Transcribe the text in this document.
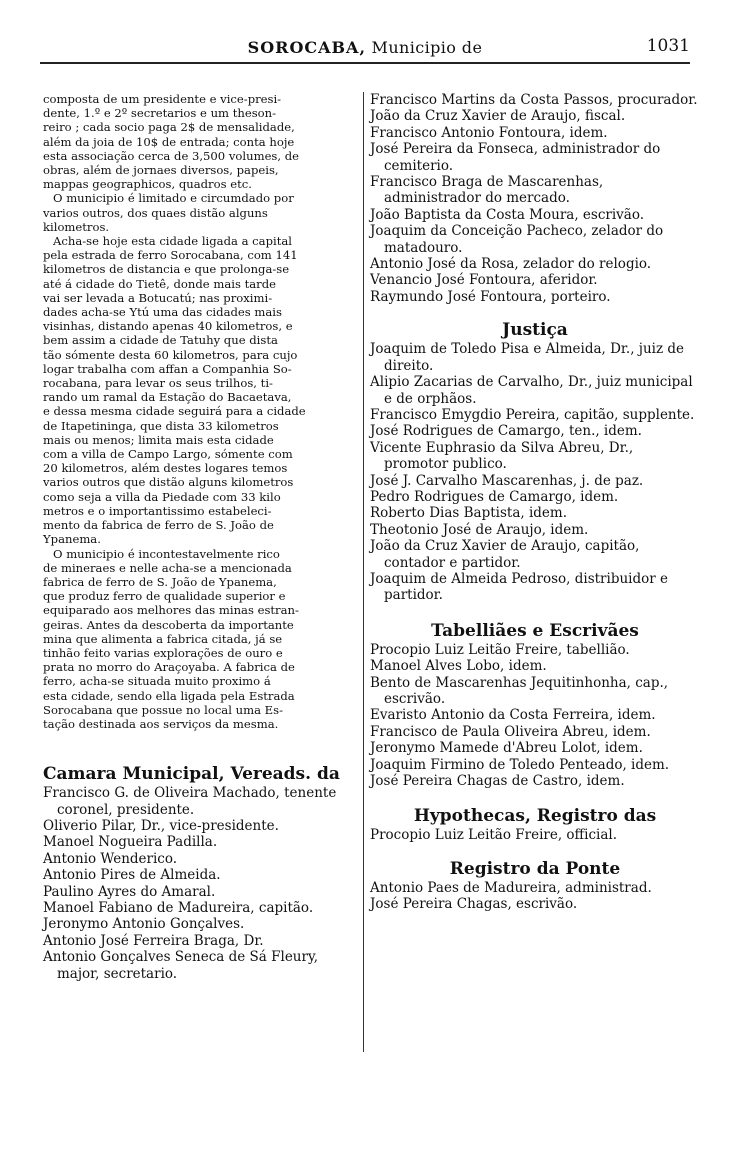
SOROCABA, Municipio de	1031

composta de um presidente e vice-presi-
dente, 1.º e 2º secretarios e um theson-
reiro ; cada socio paga 2$ de mensalidade,
além da joia de 10$ de entrada; conta hoje
esta associação cerca de 3,500 volumes, de
obras, além de jornaes diversos, papeis,
mappas geographicos, quadros etc.

O municipio é limitado e circumdado por
varios outros, dos quaes distão alguns
kilometros.

Acha-se hoje esta cidade ligada a capital
pela estrada de ferro Sorocabana, com 141
kilometros de distancia e que prolonga-se
até á cidade do Tietê, donde mais tarde
vai ser levada a Botucatú; nas proximi-
dades acha-se Ytú uma das cidades mais
visinhas, distando apenas 40 kilometros, e
bem assim a cidade de Tatuhy que dista
tão sómente desta 60 kilometros, para cujo
logar trabalha com affan a Companhia So-
rocabana, para levar os seus trilhos, ti-
rando um ramal da Estação do Bacaetava,
e dessa mesma cidade seguirá para a cidade
de Itapetininga, que dista 33 kilometros
mais ou menos; limita mais esta cidade
com a villa de Campo Largo, sómente com
20 kilometros, além destes logares temos
varios outros que distão alguns kilometros
como seja a villa da Piedade com 33 kilo
metros e o importantissimo estabeleci-
mento da fabrica de ferro de S. João de
Ypanema.

O municipio é incontestavelmente rico
de mineraes e nelle acha-se a mencionada
fabrica de ferro de S. João de Ypanema,
que produz ferro de qualidade superior e
equiparado aos melhores das minas estran-
geiras. Antes da descoberta da importante
mina que alimenta a fabrica citada, já se
tinhão feito varias explorações de ouro e
prata no morro do Araçoyaba. A fabrica de
ferro, acha-se situada muito proximo á
esta cidade, sendo ella ligada pela Estrada
Sorocabana que possue no local uma Es-
tação destinada aos serviços da mesma.

Camara Municipal, Vereads. da

Francisco G. de Oliveira Machado, tenente coronel, presidente.

Oliverio Pilar, Dr., vice-presidente.

Manoel Nogueira Padilla.

Antonio Wenderico.

Antonio Pires de Almeida.

Paulino Ayres do Amaral.

Manoel Fabiano de Madureira, capitão.

Jeronymo Antonio Gonçalves.

Antonio José Ferreira Braga, Dr.

Antonio Gonçalves Seneca de Sá Fleury, major, secretario.

Francisco Martins da Costa Passos, procurador.

João da Cruz Xavier de Araujo, fiscal.

Francisco Antonio Fontoura, idem.

José Pereira da Fonseca, administrador do cemiterio.

Francisco Braga de Mascarenhas, administrador do mercado.

João Baptista da Costa Moura, escrivão.

Joaquim da Conceição Pacheco, zelador do matadouro.

Antonio José da Rosa, zelador do relogio.

Venancio José Fontoura, aferidor.

Raymundo José Fontoura, porteiro.

Justiça

Joaquim de Toledo Pisa e Almeida, Dr., juiz de direito.

Alipio Zacarias de Carvalho, Dr., juiz municipal e de orphãos.

Francisco Emygdio Pereira, capitão, supplente.

José Rodrigues de Camargo, ten., idem.

Vicente Euphrasio da Silva Abreu, Dr., promotor publico.

José J. Carvalho Mascarenhas, j. de paz.

Pedro Rodrigues de Camargo, idem.

Roberto Dias Baptista, idem.

Theotonio José de Araujo, idem.

João da Cruz Xavier de Araujo, capitão, contador e partidor.

Joaquim de Almeida Pedroso, distribuidor e partidor.

Tabelliães e Escrivães

Procopio Luiz Leitão Freire, tabellião.

Manoel Alves Lobo, idem.

Bento de Mascarenhas Jequitinhonha, cap., escrivão.

Evaristo Antonio da Costa Ferreira, idem.

Francisco de Paula Oliveira Abreu, idem.

Jeronymo Mamede d'Abreu Lolot, idem.

Joaquim Firmino de Toledo Penteado, idem.

José Pereira Chagas de Castro, idem.

Hypothecas, Registro das

Procopio Luiz Leitão Freire, official.

Registro da Ponte

Antonio Paes de Madureira, administrad.

José Pereira Chagas, escrivão.
